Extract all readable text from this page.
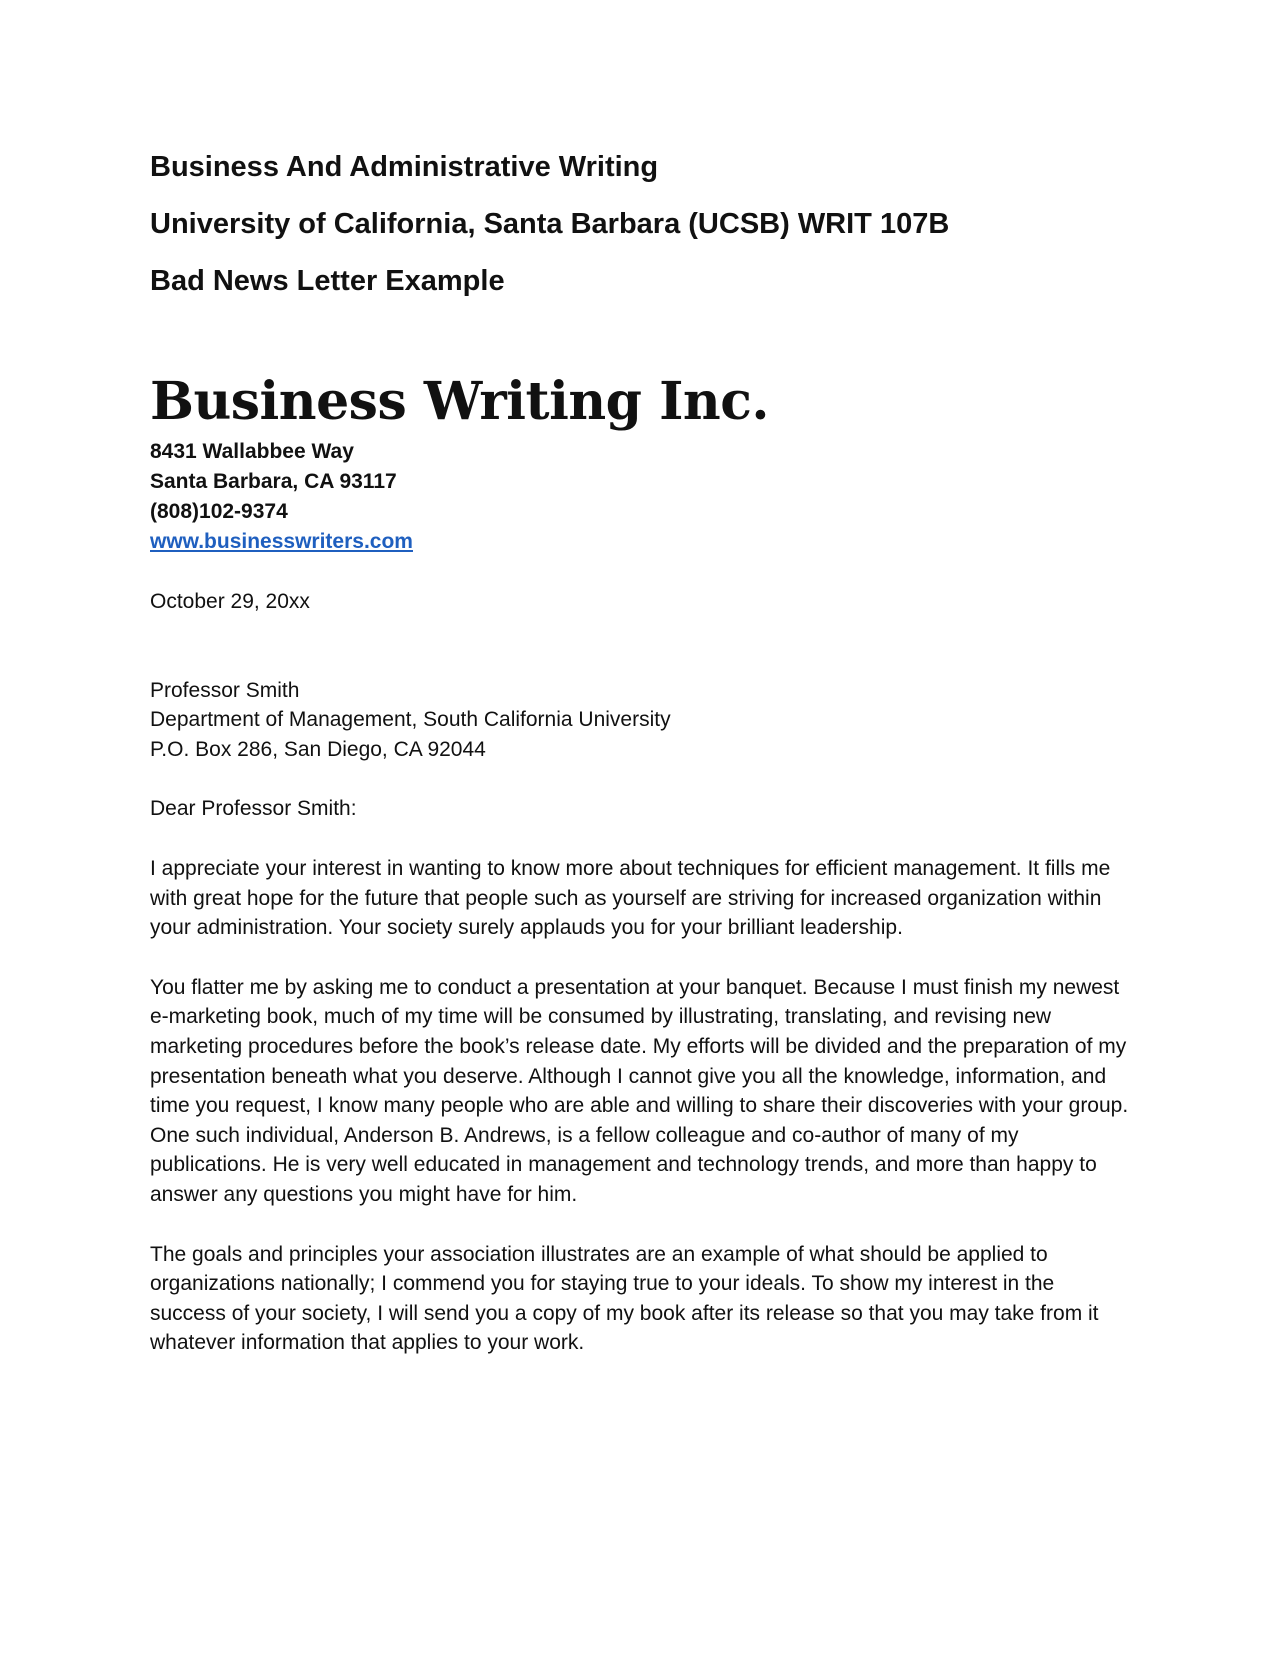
Business And Administrative Writing
University of California, Santa Barbara (UCSB) WRIT 107B
Bad News Letter Example
Business Writing Inc.
8431 Wallabbee Way
Santa Barbara, CA 93117
(808)102-9374
www.businesswriters.com
October 29, 20xx
Professor Smith
Department of Management, South California University
P.O. Box 286, San Diego, CA 92044
Dear Professor Smith:

I appreciate your interest in wanting to know more about techniques for efficient management. It fills me with great hope for the future that people such as yourself are striving for increased organization within your administration. Your society surely applauds you for your brilliant leadership.

You flatter me by asking me to conduct a presentation at your banquet. Because I must finish my newest e-marketing book, much of my time will be consumed by illustrating, translating, and revising new marketing procedures before the book’s release date. My efforts will be divided and the preparation of my presentation beneath what you deserve. Although I cannot give you all the knowledge, information, and time you request, I know many people who are able and willing to share their discoveries with your group. One such individual, Anderson B. Andrews, is a fellow colleague and co-author of many of my publications. He is very well educated in management and technology trends, and more than happy to answer any questions you might have for him.

The goals and principles your association illustrates are an example of what should be applied to organizations nationally; I commend you for staying true to your ideals. To show my interest in the success of your society, I will send you a copy of my book after its release so that you may take from it whatever information that applies to your work.
